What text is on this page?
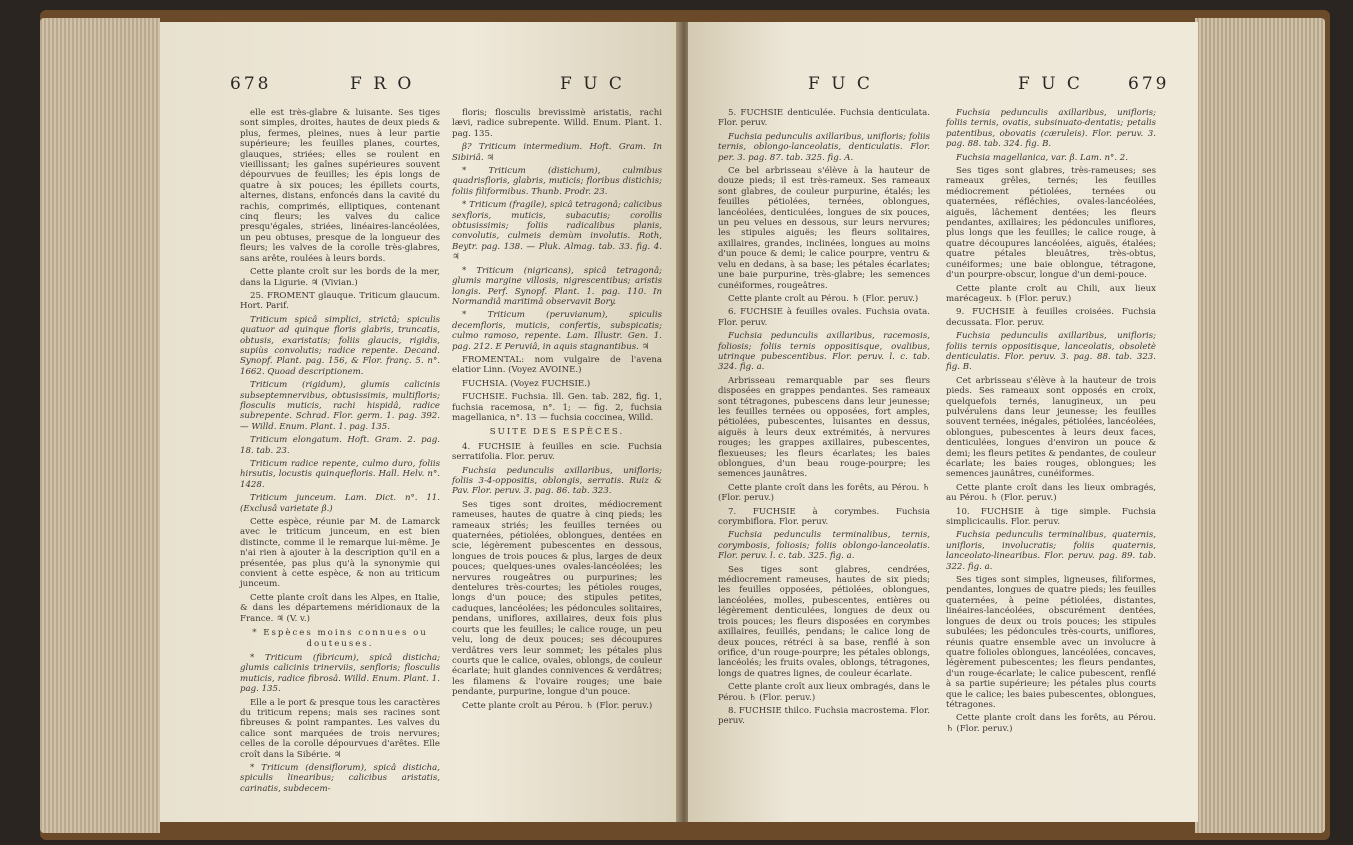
678	F R O	F U C

elle est très-glabre & luisante. Ses tiges sont simples, droites, hautes de deux pieds & plus, fermes, pleines, nues à leur partie supérieure; les feuilles planes, courtes, glauques, striées; elles se roulent en vieillissant; les gaînes supérieures souvent dépourvues de feuilles; les épis longs de quatre à six pouces; les épillets courts, alternes, distans, enfoncés dans la cavité du rachis, comprimés, elliptiques, contenant cinq fleurs; les valves du calice presqu'égales, striées, linéaires-lancéolées, un peu obtuses, presque de la longueur des fleurs; les valves de la corolle très-glabres, sans arête, roulées à leurs bords.

Cette plante croît sur les bords de la mer, dans la Ligurie. ♃ (Vivian.)

25. FROMENT glauque. Triticum glaucum. Hort. Parif.

Triticum spicâ simplici, strictâ; spiculis quatuor ad quinque floris glabris, truncatis, obtusis, exaristatis; foliis glaucis, rigidis, supiùs convolutis; radice repente. Decand. Synopf. Plant. pag. 156, & Flor. franç. 5. n°. 1662. Quoad descriptionem.

Triticum (rigidum), glumis calicinis subseptemnervibus, obtusissimis, multifloris; flosculis muticis, rachi hispidâ, radice subrepente. Schrad. Flor. germ. 1. pag. 392. — Willd. Enum. Plant. 1. pag. 135.

Triticum elongatum. Hoft. Gram. 2. pag. 18. tab. 23.

Triticum radice repente, culmo duro, foliis hirsutis, locustis quinquefloris. Hall. Helv. n°. 1428.

Triticum junceum. Lam. Dict. n°. 11. (Exclusâ varietate β.)

Cette espèce, réunie par M. de Lamarck avec le triticum junceum, en est bien distincte, comme il le remarque lui-même. Je n'ai rien à ajouter à la description qu'il en a présentée, pas plus qu'à la synonymie qui convient à cette espèce, & non au triticum junceum.

Cette plante croît dans les Alpes, en Italie, & dans les départemens méridionaux de la France. ♃ (V. v.)

* Espèces moins connues ou douteuses.

* Triticum (fibricum), spicâ disticha; glumis calicinis trinerviis, senfloris; flosculis muticis, radice fibrosâ. Willd. Enum. Plant. 1. pag. 135.

Elle a le port & presque tous les caractères du triticum repens; mais ses racines sont fibreuses & point rampantes. Les valves du calice sont marquées de trois nervures; celles de la corolle dépourvues d'arêtes. Elle croît dans la Sibérie. ♃

* Triticum (densiflorum), spicâ disticha, spiculis linearibus; calicibus aristatis, carinatis, subdecem-

floris; flosculis brevissimè aristatis, rachi lævi, radice subrepente. Willd. Enum. Plant. 1. pag. 135.

β? Triticum intermedium. Hoft. Gram. In Sibiriâ. ♃

* Triticum (distichum), culmibus quadrisfloris, glabris, muticis; floribus distichis; foliis filiformibus. Thunb. Prodr. 23.

* Triticum (fragile), spicâ tetragonâ; calicibus sexfloris, muticis, subacutis; corollis obtusissimis; foliis radicalibus planis, convolutis, culmeis demùm involutis. Roth, Beytr. pag. 138. — Pluk. Almag. tab. 33. fig. 4. ♃

* Triticum (nigricans), spicâ tetragonâ; glumis margine villosis, nigrescentibus; aristis longis. Perf. Synopf. Plant. 1. pag. 110. In Normandiâ maritimâ observavit Bory.

* Triticum (peruvianum), spiculis decemfloris, muticis, confertis, subspicatis; culmo ramoso, repente. Lam. Illustr. Gen. 1. pag. 212. E Peruviâ, in aquis stagnantibus. ♃

FROMENTAL: nom vulgaire de l'avena elatior Linn. (Voyez AVOINE.)

FUCHSIA. (Voyez FUCHSIE.)

FUCHSIE. Fuchsia. Ill. Gen. tab. 282, fig. 1, fuchsia racemosa, n°. 1; — fig. 2, fuchsia magellanica, n°. 13 — fuchsia coccinea, Willd.

SUITE DES ESPÈCES.

4. FUCHSIE à feuilles en scie. Fuchsia serratifolia. Flor. peruv.

Fuchsia pedunculis axillaribus, unifloris; foliis 3-4-oppositis, oblongis, serratis. Ruiz & Pav. Flor. peruv. 3. pag. 86. tab. 323.

Ses tiges sont droites, médiocrement rameuses, hautes de quatre à cinq pieds; les rameaux striés; les feuilles ternées ou quaternées, pétiolées, oblongues, dentées en scie, légèrement pubescentes en dessous, longues de trois pouces & plus, larges de deux pouces; quelques-unes ovales-lancéolées; les nervures rougeâtres ou purpurines; les dentelures très-courtes; les pétioles rouges, longs d'un pouce; des stipules petites, caduques, lancéolées; les pédoncules solitaires, pendans, uniflores, axillaires, deux fois plus courts que les feuilles; le calice rouge, un peu velu, long de deux pouces; ses découpures verdâtres vers leur sommet; les pétales plus courts que le calice, ovales, oblongs, de couleur écarlate; huit glandes connivences & verdâtres; les filamens & l'ovaire rouges; une baie pendante, purpurine, longue d'un pouce.

Cette plante croît au Pérou. ♄ (Flor. peruv.)

F U C	F U C	679

5. FUCHSIE denticulée. Fuchsia denticulata. Flor. peruv.

Fuchsia pedunculis axillaribus, unifloris; foliis ternis, oblongo-lanceolatis, denticulatis. Flor. per. 3. pag. 87. tab. 325. fig. A.

Ce bel arbrisseau s'élève à la hauteur de douze pieds; il est très-rameux. Ses rameaux sont glabres, de couleur purpurine, étalés; les feuilles pétiolées, ternées, oblongues, lancéolées, denticulées, longues de six pouces, un peu velues en dessous, sur leurs nervures; les stipules aiguës; les fleurs solitaires, axillaires, grandes, inclinées, longues au moins d'un pouce & demi; le calice pourpre, ventru & velu en dedans, à sa base; les pétales écarlates; une baie purpurine, très-glabre; les semences cunéiformes, rougeâtres.

Cette plante croît au Pérou. ♄ (Flor. peruv.)

6. FUCHSIE à feuilles ovales. Fuchsia ovata. Flor. peruv.

Fuchsia pedunculis axillaribus, racemosis, foliosis; foliis ternis oppositisque, ovalibus, utrinque pubescentibus. Flor. peruv. l. c. tab. 324. fig. a.

Arbrisseau remarquable par ses fleurs disposées en grappes pendantes. Ses rameaux sont tétragones, pubescens dans leur jeunesse; les feuilles ternées ou opposées, fort amples, pétiolées, pubescentes, luisantes en dessus, aiguës à leurs deux extrémités, à nervures rouges; les grappes axillaires, pubescentes, flexueuses; les fleurs écarlates; les baies oblongues, d'un beau rouge-pourpre; les semences jaunâtres.

Cette plante croît dans les forêts, au Pérou. ♄ (Flor. peruv.)

7. FUCHSIE à corymbes. Fuchsia corymbiflora. Flor. peruv.

Fuchsia pedunculis terminalibus, ternis, corymbosis, foliosis; foliis oblongo-lanceolatis. Flor. peruv. l. c. tab. 325. fig. a.

Ses tiges sont glabres, cendrées, médiocrement rameuses, hautes de six pieds; les feuilles opposées, pétiolées, oblongues, lancéolées, molles, pubescentes, entières ou légèrement denticulées, longues de deux ou trois pouces; les fleurs disposées en corymbes axillaires, feuillés, pendans; le calice long de deux pouces, rétréci à sa base, renflé à son orifice, d'un rouge-pourpre; les pétales oblongs, lancéolés; les fruits ovales, oblongs, tétragones, longs de quatres lignes, de couleur écarlate.

Cette plante croît aux lieux ombragés, dans le Pérou. ♄ (Flor. peruv.)

8. FUCHSIE thilco. Fuchsia macrostema. Flor. peruv.

Fuchsia pedunculis axillaribus, unifloris; foliis ternis, ovatis, subsinuato-dentatis; petalis patentibus, obovatis (cæruleis). Flor. peruv. 3. pag. 88. tab. 324. fig. B.

Fuchsia magellanica, var. β. Lam. n°. 2.

Ses tiges sont glabres, très-rameuses; ses rameaux grêles, ternés; les feuilles médiocrement pétiolées, ternées ou quaternées, réfléchies, ovales-lancéolées, aiguës, lâchement dentées; les fleurs pendantes, axillaires; les pédoncules uniflores, plus longs que les feuilles; le calice rouge, à quatre découpures lancéolées, aiguës, étalées; quatre pétales bleuâtres, très-obtus, cunéiformes; une baie oblongue, tétragone, d'un pourpre-obscur, longue d'un demi-pouce.

Cette plante croît au Chili, aux lieux marécageux. ♄ (Flor. peruv.)

9. FUCHSIE à feuilles croisées. Fuchsia decussata. Flor. peruv.

Fuchsia pedunculis axillaribus, unifloris; foliis ternis oppositisque, lanceolatis, obsoletè denticulatis. Flor. peruv. 3. pag. 88. tab. 323. fig. B.

Cet arbrisseau s'élève à la hauteur de trois pieds. Ses rameaux sont opposés en croix, quelquefois ternés, lanugineux, un peu pulvérulens dans leur jeunesse; les feuilles souvent ternées, inégales, pétiolées, lancéolées, oblongues, pubescentes à leurs deux faces, denticulées, longues d'environ un pouce & demi; les fleurs petites & pendantes, de couleur écarlate; les baies rouges, oblongues; les semences jaunâtres, cunéiformes.

Cette plante croît dans les lieux ombragés, au Pérou. ♄ (Flor. peruv.)

10. FUCHSIE à tige simple. Fuchsia simplicicaulis. Flor. peruv.

Fuchsia pedunculis terminalibus, quaternis, unifloris, involucratis; foliis quaternis, lanceolato-linearibus. Flor. peruv. pag. 89. tab. 322. fig. a.

Ses tiges sont simples, ligneuses, filiformes, pendantes, longues de quatre pieds; les feuilles quaternées, à peine pétiolées, distantes, linéaires-lancéolées, obscurément dentées, longues de deux ou trois pouces; les stipules subulées; les pédoncules très-courts, uniflores, réunis quatre ensemble avec un involucre à quatre folioles oblongues, lancéolées, concaves, légèrement pubescentes; les fleurs pendantes, d'un rouge-écarlate; le calice pubescent, renflé à sa partie supérieure; les pétales plus courts que le calice; les baies pubescentes, oblongues, tétragones.

Cette plante croît dans les forêts, au Pérou. ♄ (Flor. peruv.)
